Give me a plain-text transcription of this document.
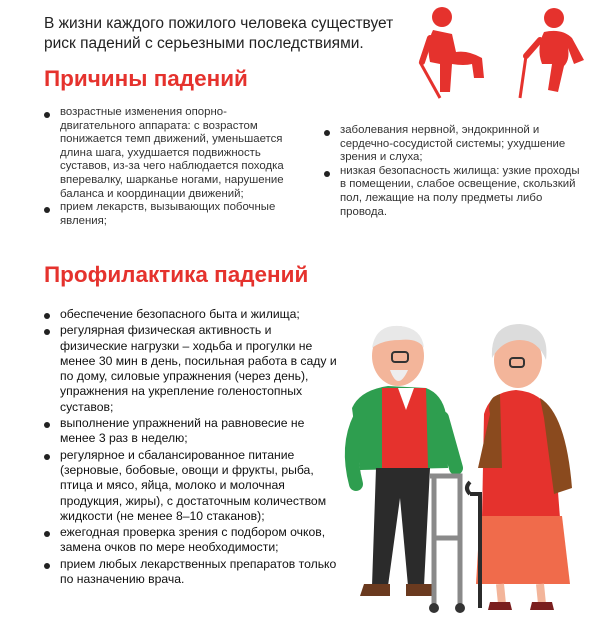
В жизни каждого пожилого человека существует риск падений с серьезными последствиями.
Причины падений
возрастные изменения опорно-двигательного аппарата: с возрастом понижается темп движений, уменьшается длина шага, ухудшается подвижность суставов, из-за чего наблюдается походка вперевалку, шарканье ногами, нарушение баланса и координации движений;
прием лекарств, вызывающих побочные явления;
заболевания нервной, эндокринной и сердечно-сосудистой системы; ухудшение зрения и слуха;
низкая безопасность жилища: узкие проходы в помещении, слабое освещение, скользкий пол, лежащие на полу предметы либо провода.
Профилактика падений
обеспечение безопасного быта и жилища;
регулярная физическая активность и физические нагрузки – ходьба и прогулки не менее 30 мин в день, посильная работа в саду и по дому, силовые упражнения (через день), упражнения на укрепление голеностопных суставов;
выполнение упражнений на равновесие не менее 3 раз в неделю;
регулярное и сбалансированное питание (зерновые, бобовые, овощи и фрукты, рыба, птица и мясо, яйца, молоко и молочная продукция, жиры), с достаточным количеством жидкости (не менее 8–10 стаканов);
ежегодная проверка зрения с подбором очков, замена очков по мере необходимости;
прием любых лекарственных препаратов только по назначению врача.
